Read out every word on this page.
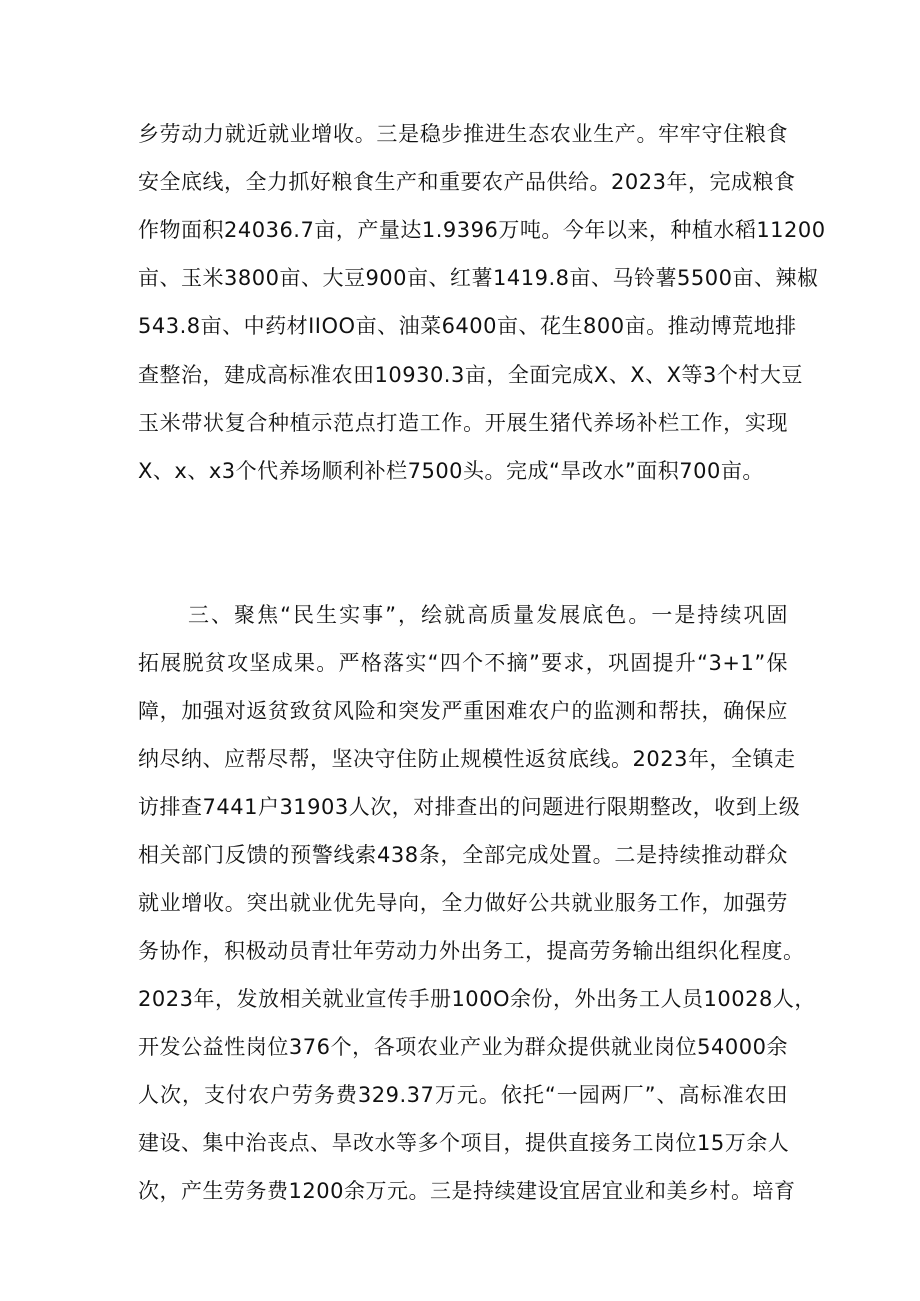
乡劳动力就近就业增收。三是稳步推进生态农业生产。牢牢守住粮食
安全底线，全力抓好粮食生产和重要农产品供给。2023年，完成粮食
作物面积24036.7亩，产量达1.9396万吨。今年以来，种植水稻11200
亩、玉米3800亩、大豆900亩、红薯1419.8亩、马铃薯5500亩、辣椒
543.8亩、中药材IIOO亩、油菜6400亩、花生800亩。推动博荒地排
查整治，建成高标准农田10930.3亩，全面完成X、X、X等3个村大豆
玉米带状复合种植示范点打造工作。开展生猪代养场补栏工作，实现
X、x、x3个代养场顺利补栏7500头。完成“旱改水”面积700亩。
三、聚焦“民生实事”，绘就高质量发展底色。一是持续巩固
拓展脱贫攻坚成果。严格落实“四个不摘”要求，巩固提升“3+1”保
障，加强对返贫致贫风险和突发严重困难农户的监测和帮扶，确保应
纳尽纳、应帮尽帮，坚决守住防止规模性返贫底线。2023年，全镇走
访排查7441户31903人次，对排查出的问题进行限期整改，收到上级
相关部门反馈的预警线索438条，全部完成处置。二是持续推动群众
就业增收。突出就业优先导向，全力做好公共就业服务工作，加强劳
务协作，积极动员青壮年劳动力外出务工，提高劳务输出组织化程度。
2023年，发放相关就业宣传手册100O余份，外出务工人员10028人，
开发公益性岗位376个，各项农业产业为群众提供就业岗位54000余
人次，支付农户劳务费329.37万元。依托“一园两厂”、高标准农田
建设、集中治丧点、旱改水等多个项目，提供直接务工岗位15万余人
次，产生劳务费1200余万元。三是持续建设宜居宜业和美乡村。培育
